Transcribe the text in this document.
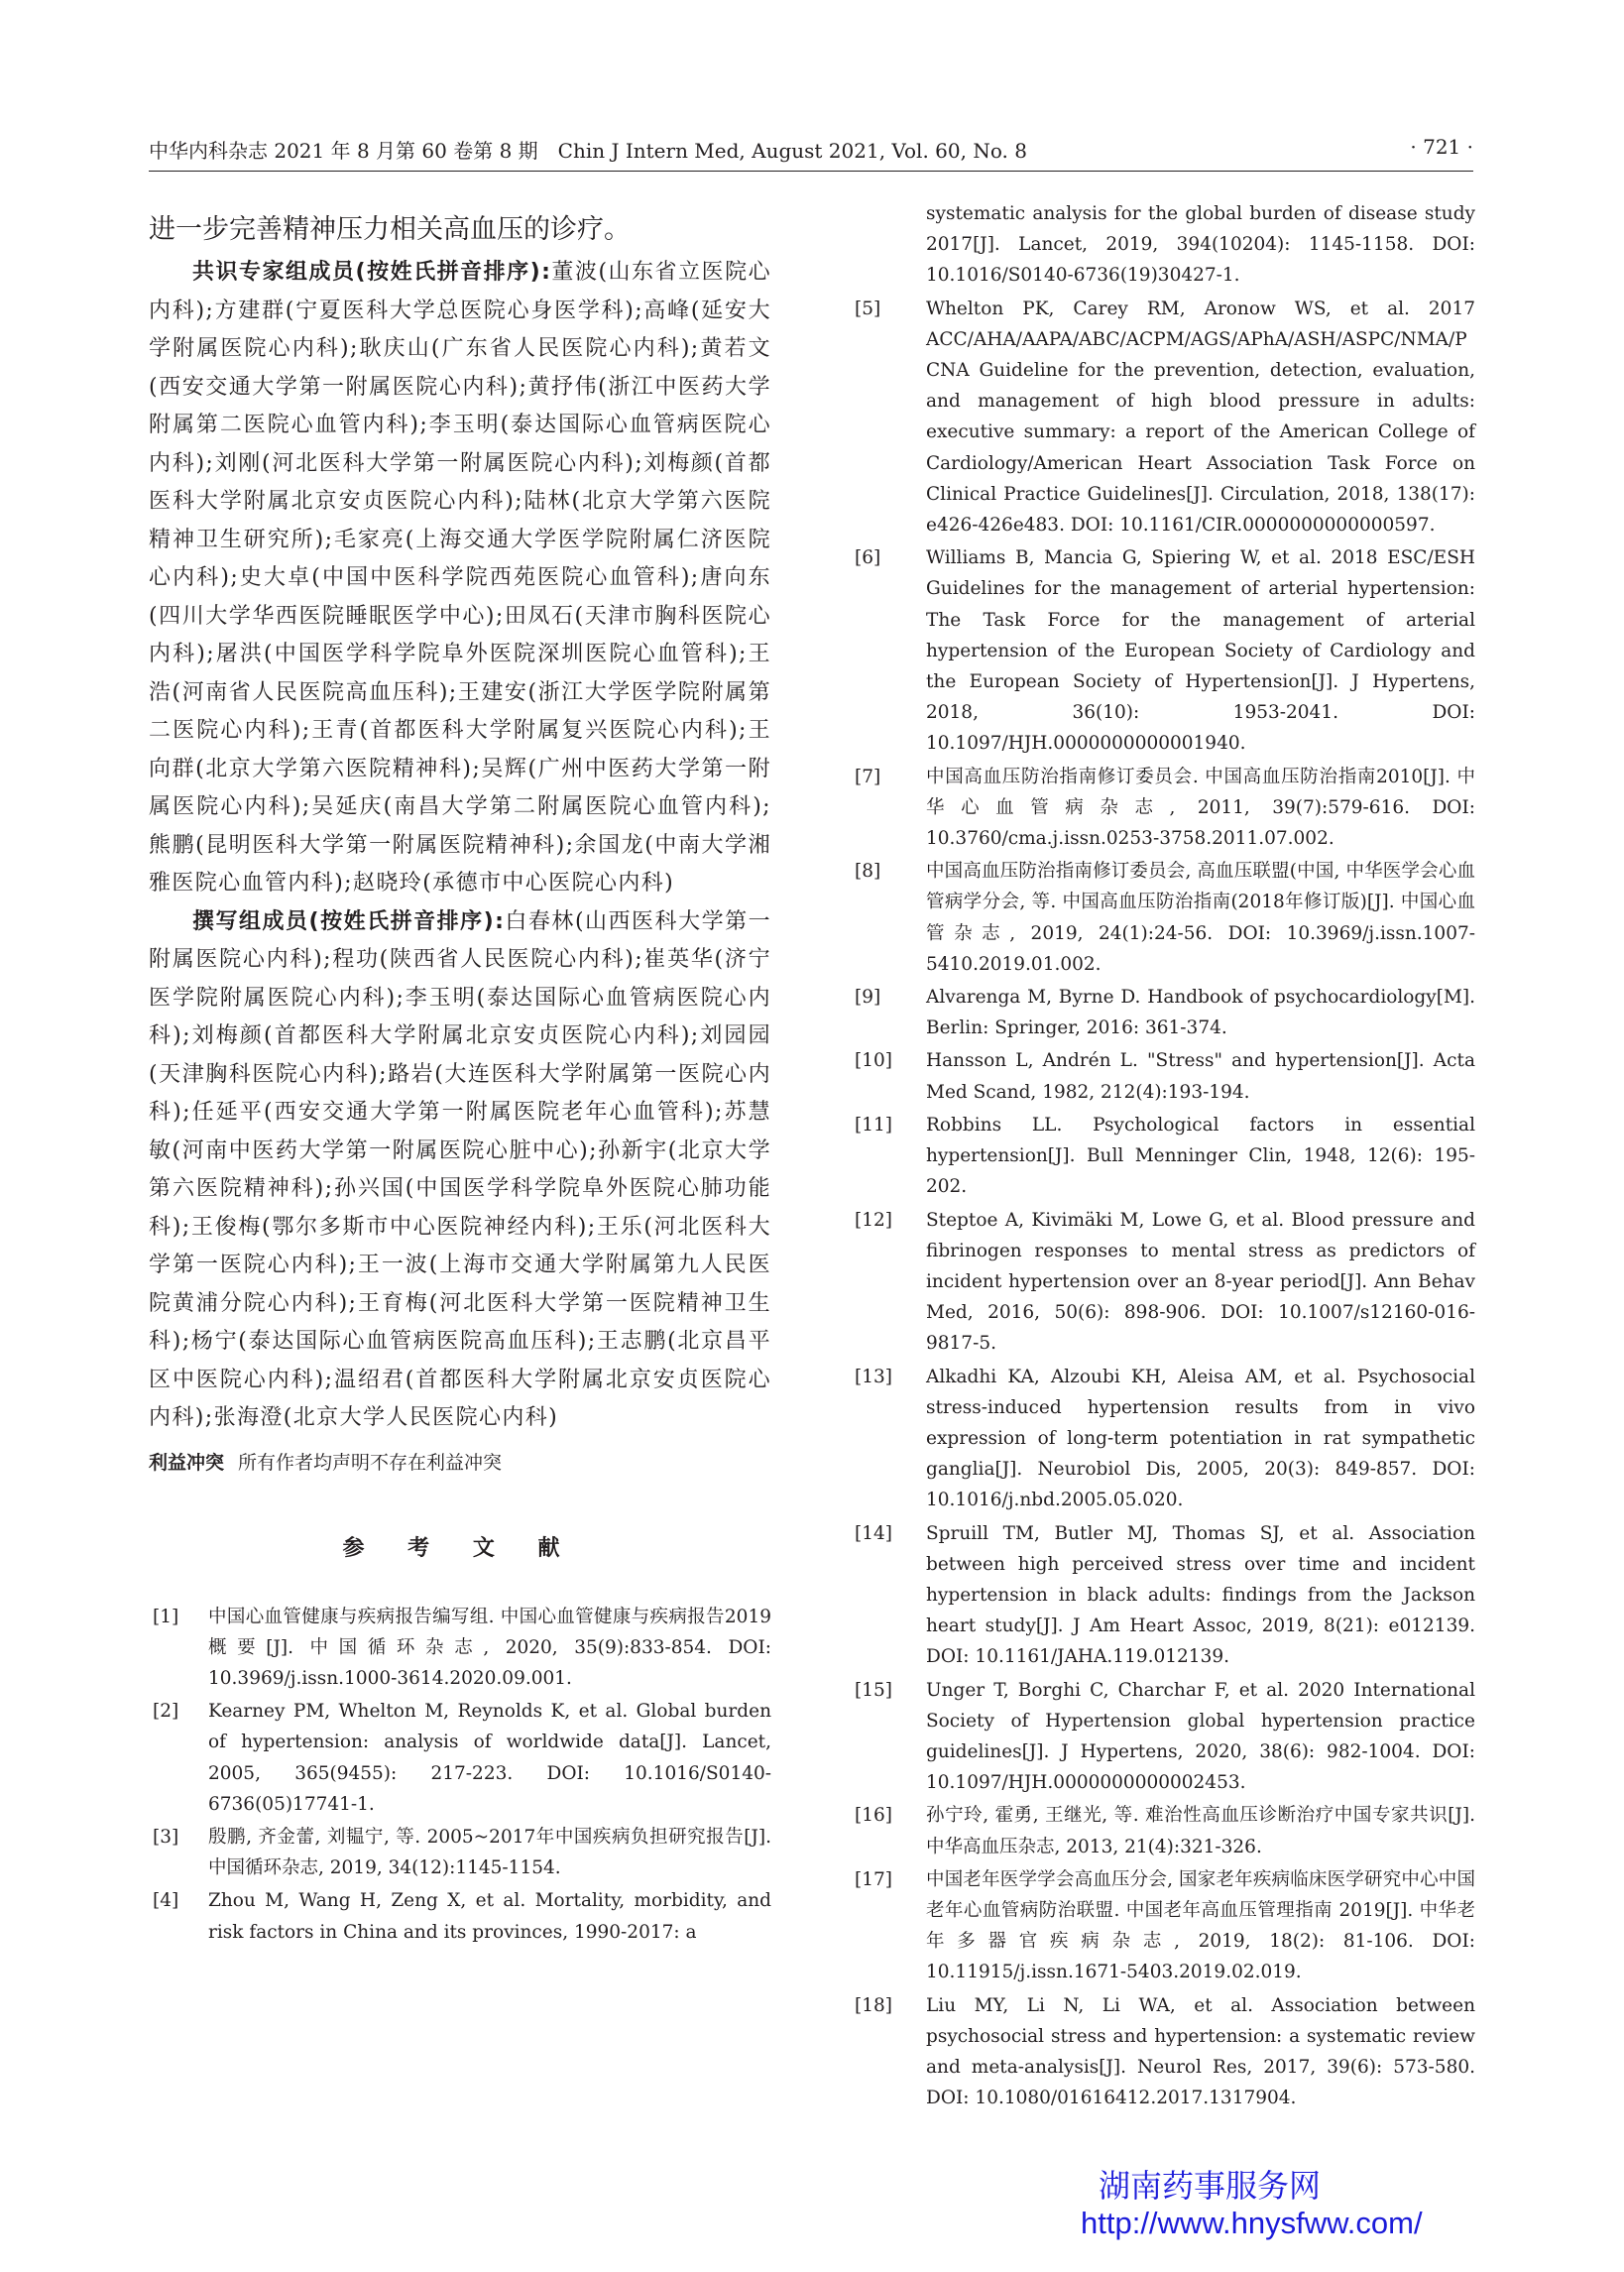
中华内科杂志 2021 年 8 月第 60 卷第 8 期　Chin J Intern Med, August 2021, Vol. 60, No. 8	· 721 ·

进一步完善精神压力相关高血压的诊疗。

共识专家组成员(按姓氏拼音排序):董波(山东省立医院心内科);方建群(宁夏医科大学总医院心身医学科);高峰(延安大学附属医院心内科);耿庆山(广东省人民医院心内科);黄若文(西安交通大学第一附属医院心内科);黄抒伟(浙江中医药大学附属第二医院心血管内科);李玉明(泰达国际心血管病医院心内科);刘刚(河北医科大学第一附属医院心内科);刘梅颜(首都医科大学附属北京安贞医院心内科);陆林(北京大学第六医院精神卫生研究所);毛家亮(上海交通大学医学院附属仁济医院心内科);史大卓(中国中医科学院西苑医院心血管科);唐向东(四川大学华西医院睡眠医学中心);田凤石(天津市胸科医院心内科);屠洪(中国医学科学院阜外医院深圳医院心血管科);王浩(河南省人民医院高血压科);王建安(浙江大学医学院附属第二医院心内科);王青(首都医科大学附属复兴医院心内科);王向群(北京大学第六医院精神科);吴辉(广州中医药大学第一附属医院心内科);吴延庆(南昌大学第二附属医院心血管内科);熊鹏(昆明医科大学第一附属医院精神科);余国龙(中南大学湘雅医院心血管内科);赵晓玲(承德市中心医院心内科)

撰写组成员(按姓氏拼音排序):白春林(山西医科大学第一附属医院心内科);程功(陕西省人民医院心内科);崔英华(济宁医学院附属医院心内科);李玉明(泰达国际心血管病医院心内科);刘梅颜(首都医科大学附属北京安贞医院心内科);刘园园(天津胸科医院心内科);路岩(大连医科大学附属第一医院心内科);任延平(西安交通大学第一附属医院老年心血管科);苏慧敏(河南中医药大学第一附属医院心脏中心);孙新宇(北京大学第六医院精神科);孙兴国(中国医学科学院阜外医院心肺功能科);王俊梅(鄂尔多斯市中心医院神经内科);王乐(河北医科大学第一医院心内科);王一波(上海市交通大学附属第九人民医院黄浦分院心内科);王育梅(河北医科大学第一医院精神卫生科);杨宁(泰达国际心血管病医院高血压科);王志鹏(北京昌平区中医院心内科);温绍君(首都医科大学附属北京安贞医院心内科);张海澄(北京大学人民医院心内科)

利益冲突 所有作者均声明不存在利益冲突

参 考 文 献
[1]	中国心血管健康与疾病报告编写组. 中国心血管健康与疾病报告2019概要[J]. 中国循环杂志, 2020, 35(9):833-854. DOI: 10.3969/j.issn.1000-3614.2020.09.001.
[2]	Kearney PM, Whelton M, Reynolds K, et al. Global burden of hypertension: analysis of worldwide data[J]. Lancet, 2005, 365(9455): 217-223. DOI: 10.1016/S0140-6736(05)17741-1.
[3]	殷鹏, 齐金蕾, 刘韫宁, 等. 2005~2017年中国疾病负担研究报告[J]. 中国循环杂志, 2019, 34(12):1145-1154.
[4]	Zhou M, Wang H, Zeng X, et al. Mortality, morbidity, and risk factors in China and its provinces, 1990-2017: a
systematic analysis for the global burden of disease study 2017[J]. Lancet, 2019, 394(10204): 1145-1158. DOI: 10.1016/S0140-6736(19)30427-1.
[5]	Whelton PK, Carey RM, Aronow WS, et al. 2017 ACC/AHA/AAPA/ABC/ACPM/AGS/APhA/ASH/ASPC/NMA/PCNA Guideline for the prevention, detection, evaluation, and management of high blood pressure in adults: executive summary: a report of the American College of Cardiology/American Heart Association Task Force on Clinical Practice Guidelines[J]. Circulation, 2018, 138(17): e426-426e483. DOI: 10.1161/CIR.0000000000000597.
[6]	Williams B, Mancia G, Spiering W, et al. 2018 ESC/ESH Guidelines for the management of arterial hypertension: The Task Force for the management of arterial hypertension of the European Society of Cardiology and the European Society of Hypertension[J]. J Hypertens, 2018, 36(10): 1953-2041. DOI: 10.1097/HJH.0000000000001940.
[7]	中国高血压防治指南修订委员会. 中国高血压防治指南2010[J]. 中华心血管病杂志, 2011, 39(7):579-616. DOI: 10.3760/cma.j.issn.0253-3758.2011.07.002.
[8]	中国高血压防治指南修订委员会, 高血压联盟(中国, 中华医学会心血管病学分会, 等. 中国高血压防治指南(2018年修订版)[J]. 中国心血管杂志, 2019, 24(1):24-56. DOI: 10.3969/j.issn.1007-5410.2019.01.002.
[9]	Alvarenga M, Byrne D. Handbook of psychocardiology[M]. Berlin: Springer, 2016: 361-374.
[10]	Hansson L, Andrén L. "Stress" and hypertension[J]. Acta Med Scand, 1982, 212(4):193-194.
[11]	Robbins LL. Psychological factors in essential hypertension[J]. Bull Menninger Clin, 1948, 12(6): 195-202.
[12]	Steptoe A, Kivimäki M, Lowe G, et al. Blood pressure and fibrinogen responses to mental stress as predictors of incident hypertension over an 8-year period[J]. Ann Behav Med, 2016, 50(6): 898-906. DOI: 10.1007/s12160-016-9817-5.
[13]	Alkadhi KA, Alzoubi KH, Aleisa AM, et al. Psychosocial stress-induced hypertension results from in vivo expression of long-term potentiation in rat sympathetic ganglia[J]. Neurobiol Dis, 2005, 20(3): 849-857. DOI: 10.1016/j.nbd.2005.05.020.
[14]	Spruill TM, Butler MJ, Thomas SJ, et al. Association between high perceived stress over time and incident hypertension in black adults: findings from the Jackson heart study[J]. J Am Heart Assoc, 2019, 8(21): e012139. DOI: 10.1161/JAHA.119.012139.
[15]	Unger T, Borghi C, Charchar F, et al. 2020 International Society of Hypertension global hypertension practice guidelines[J]. J Hypertens, 2020, 38(6): 982-1004. DOI: 10.1097/HJH.0000000000002453.
[16]	孙宁玲, 霍勇, 王继光, 等. 难治性高血压诊断治疗中国专家共识[J]. 中华高血压杂志, 2013, 21(4):321-326.
[17]	中国老年医学学会高血压分会, 国家老年疾病临床医学研究中心中国老年心血管病防治联盟. 中国老年高血压管理指南 2019[J]. 中华老年多器官疾病杂志, 2019, 18(2): 81-106. DOI: 10.11915/j.issn.1671-5403.2019.02.019.
[18]	Liu MY, Li N, Li WA, et al. Association between psychosocial stress and hypertension: a systematic review and meta-analysis[J]. Neurol Res, 2017, 39(6): 573-580. DOI: 10.1080/01616412.2017.1317904.
湖南药事服务网
http://www.hnysfww.com/
